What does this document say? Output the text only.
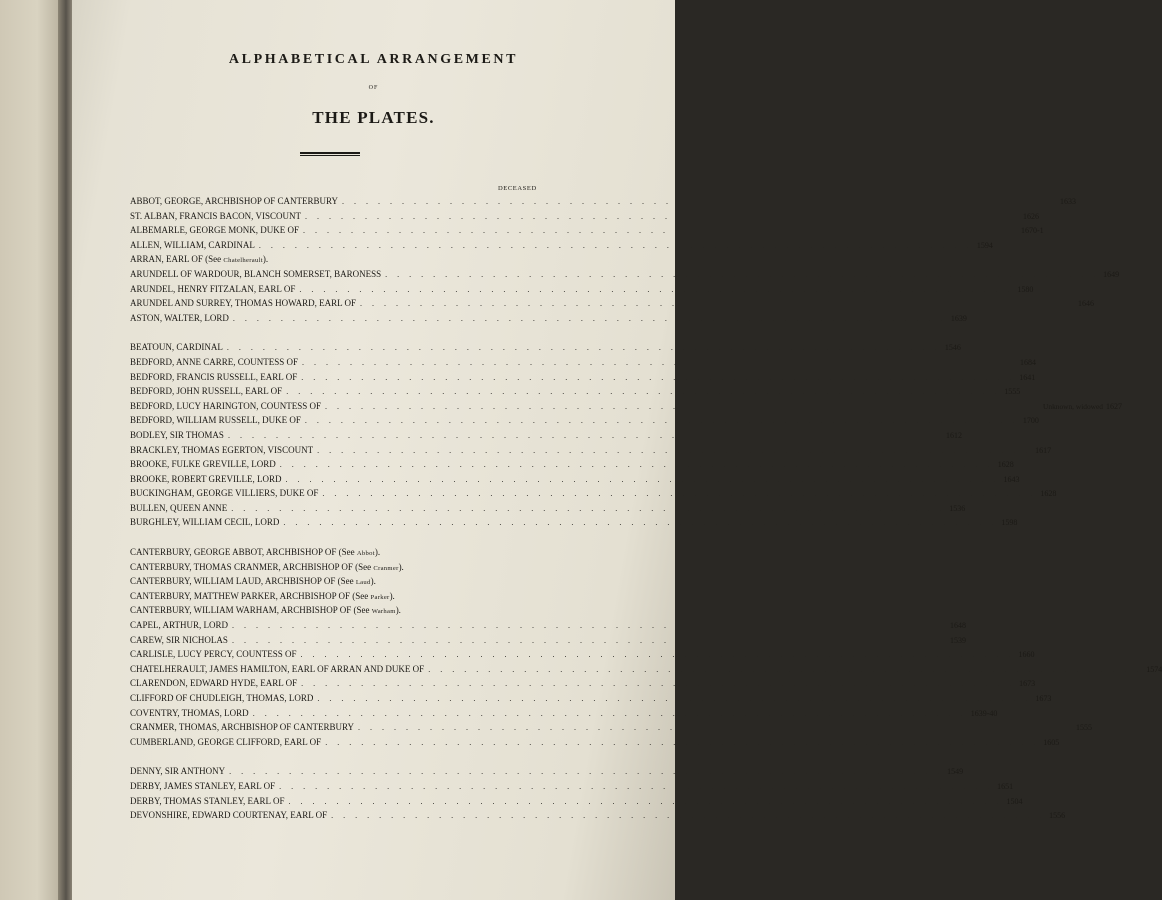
ALPHABETICAL ARRANGEMENT
OF
THE PLATES.
DECEASED
ABBOT, GEORGE, ARCHBISHOP OF CANTERBURY . . . . . . . . . . . . . . . . . . . . . . . . . . . . . . . . . . . . . . . . . . . . . . . . . . . . . . . . . . . . 1633
ST. ALBAN, FRANCIS BACON, VISCOUNT . . . . . . . . . . . . . . . . . . . . . . . . . . . . . . . . . . . . . . . . . . . . . . . . . . . . . . . . . . . . 1626
ALBEMARLE, GEORGE MONK, DUKE OF . . . . . . . . . . . . . . . . . . . . . . . . . . . . . . . . . . . . . . . . . . . . . . . . . . . . . . . . . . . . 1670-1
ALLEN, WILLIAM, CARDINAL . . . . . . . . . . . . . . . . . . . . . . . . . . . . . . . . . . . . . . . . . . . . . . . . . . . . . . . . . . . . 1594
ARRAN, EARL OF (See Chatelherault).
ARUNDELL OF WARDOUR, BLANCH SOMERSET, BARONESS . . . . . . . . . . . . . . . . . . . . . . . . . . . . . . . . . . . . . . . . . . . . . . . . . . . . . . . . . . . . 1649
ARUNDEL, HENRY FITZALAN, EARL OF . . . . . . . . . . . . . . . . . . . . . . . . . . . . . . . . . . . . . . . . . . . . . . . . . . . . . . . . . . . . 1580
ARUNDEL AND SURREY, THOMAS HOWARD, EARL OF . . . . . . . . . . . . . . . . . . . . . . . . . . . . . . . . . . . . . . . . . . . . . . . . . . . . . . . . . . . . 1646
ASTON, WALTER, LORD . . . . . . . . . . . . . . . . . . . . . . . . . . . . . . . . . . . . . . . . . . . . . . . . . . . . . . . . . . . . 1639
BEATOUN, CARDINAL . . . . . . . . . . . . . . . . . . . . . . . . . . . . . . . . . . . . . . . . . . . . . . . . . . . . . . . . . . . . 1546
BEDFORD, ANNE CARRE, COUNTESS OF . . . . . . . . . . . . . . . . . . . . . . . . . . . . . . . . . . . . . . . . . . . . . . . . . . . . . . . . . . . . 1684
BEDFORD, FRANCIS RUSSELL, EARL OF . . . . . . . . . . . . . . . . . . . . . . . . . . . . . . . . . . . . . . . . . . . . . . . . . . . . . . . . . . . . 1641
BEDFORD, JOHN RUSSELL, EARL OF . . . . . . . . . . . . . . . . . . . . . . . . . . . . . . . . . . . . . . . . . . . . . . . . . . . . . . . . . . . . 1555
BEDFORD, LUCY HARINGTON, COUNTESS OF . . . . . . . . . . . . . . . . . . . . . . . . . . . . . . . . . . . . . . . . . . . . . . . . . . . . . . . . . . . . Unknown, widowed 1627
BEDFORD, WILLIAM RUSSELL, DUKE OF . . . . . . . . . . . . . . . . . . . . . . . . . . . . . . . . . . . . . . . . . . . . . . . . . . . . . . . . . . . . 1700
BODLEY, SIR THOMAS . . . . . . . . . . . . . . . . . . . . . . . . . . . . . . . . . . . . . . . . . . . . . . . . . . . . . . . . . . . . 1612
BRACKLEY, THOMAS EGERTON, VISCOUNT . . . . . . . . . . . . . . . . . . . . . . . . . . . . . . . . . . . . . . . . . . . . . . . . . . . . . . . . . . . . 1617
BROOKE, FULKE GREVILLE, LORD . . . . . . . . . . . . . . . . . . . . . . . . . . . . . . . . . . . . . . . . . . . . . . . . . . . . . . . . . . . . 1628
BROOKE, ROBERT GREVILLE, LORD . . . . . . . . . . . . . . . . . . . . . . . . . . . . . . . . . . . . . . . . . . . . . . . . . . . . . . . . . . . . 1643
BUCKINGHAM, GEORGE VILLIERS, DUKE OF . . . . . . . . . . . . . . . . . . . . . . . . . . . . . . . . . . . . . . . . . . . . . . . . . . . . . . . . . . . . 1628
BULLEN, QUEEN ANNE . . . . . . . . . . . . . . . . . . . . . . . . . . . . . . . . . . . . . . . . . . . . . . . . . . . . . . . . . . . . 1536
BURGHLEY, WILLIAM CECIL, LORD . . . . . . . . . . . . . . . . . . . . . . . . . . . . . . . . . . . . . . . . . . . . . . . . . . . . . . . . . . . . 1598
CANTERBURY, GEORGE ABBOT, ARCHBISHOP OF (See Abbot).
CANTERBURY, THOMAS CRANMER, ARCHBISHOP OF (See Cranmer).
CANTERBURY, WILLIAM LAUD, ARCHBISHOP OF (See Laud).
CANTERBURY, MATTHEW PARKER, ARCHBISHOP OF (See Parker).
CANTERBURY, WILLIAM WARHAM, ARCHBISHOP OF (See Warham).
CAPEL, ARTHUR, LORD . . . . . . . . . . . . . . . . . . . . . . . . . . . . . . . . . . . . . . . . . . . . . . . . . . . . . . . . . . . . 1648
CAREW, SIR NICHOLAS . . . . . . . . . . . . . . . . . . . . . . . . . . . . . . . . . . . . . . . . . . . . . . . . . . . . . . . . . . . . 1539
CARLISLE, LUCY PERCY, COUNTESS OF . . . . . . . . . . . . . . . . . . . . . . . . . . . . . . . . . . . . . . . . . . . . . . . . . . . . . . . . . . . . 1660
CHATELHERAULT, JAMES HAMILTON, EARL OF ARRAN AND DUKE OF . . . . . . . . . . . . . . . . . . . . . . . . . . . . . . . . . . . . . . . . . . . . . . . . . . . . . . . . . . . . 1574
CLARENDON, EDWARD HYDE, EARL OF . . . . . . . . . . . . . . . . . . . . . . . . . . . . . . . . . . . . . . . . . . . . . . . . . . . . . . . . . . . . 1673
CLIFFORD OF CHUDLEIGH, THOMAS, LORD . . . . . . . . . . . . . . . . . . . . . . . . . . . . . . . . . . . . . . . . . . . . . . . . . . . . . . . . . . . . 1673
COVENTRY, THOMAS, LORD . . . . . . . . . . . . . . . . . . . . . . . . . . . . . . . . . . . . . . . . . . . . . . . . . . . . . . . . . . . . 1639-40
CRANMER, THOMAS, ARCHBISHOP OF CANTERBURY . . . . . . . . . . . . . . . . . . . . . . . . . . . . . . . . . . . . . . . . . . . . . . . . . . . . . . . . . . . . 1555
CUMBERLAND, GEORGE CLIFFORD, EARL OF . . . . . . . . . . . . . . . . . . . . . . . . . . . . . . . . . . . . . . . . . . . . . . . . . . . . . . . . . . . . 1605
DENNY, SIR ANTHONY . . . . . . . . . . . . . . . . . . . . . . . . . . . . . . . . . . . . . . . . . . . . . . . . . . . . . . . . . . . . 1549
DERBY, JAMES STANLEY, EARL OF . . . . . . . . . . . . . . . . . . . . . . . . . . . . . . . . . . . . . . . . . . . . . . . . . . . . . . . . . . . . 1651
DERBY, THOMAS STANLEY, EARL OF . . . . . . . . . . . . . . . . . . . . . . . . . . . . . . . . . . . . . . . . . . . . . . . . . . . . . . . . . . . . 1504
DEVONSHIRE, EDWARD COURTENAY, EARL OF . . . . . . . . . . . . . . . . . . . . . . . . . . . . . . . . . . . . . . . . . . . . . . . . . . . . . . . . . . . . 1556
